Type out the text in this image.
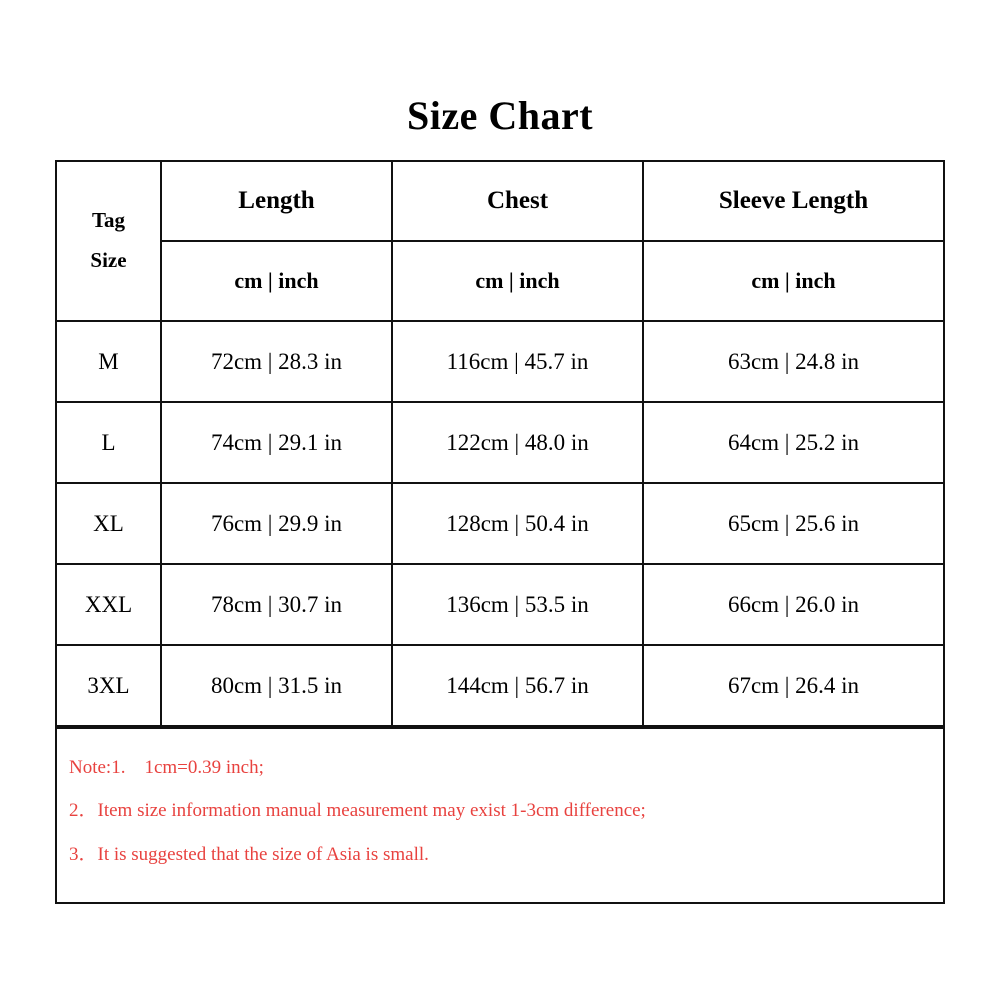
Size Chart
Tag
Size	Length	Chest	Sleeve Length
	cm | inch	cm | inch	cm | inch
M	72cm | 28.3 in	116cm | 45.7 in	63cm | 24.8 in
L	74cm | 29.1 in	122cm | 48.0 in	64cm | 25.2 in
XL	76cm | 29.9 in	128cm | 50.4 in	65cm | 25.6 in
XXL	78cm | 30.7 in	136cm | 53.5 in	66cm | 26.0 in
3XL	80cm | 31.5 in	144cm | 56.7 in	67cm | 26.4 in
Note:1.    1cm=0.39 inch;
2．Item size information manual measurement may exist 1-3cm difference;
3．It is suggested that the size of Asia is small.
